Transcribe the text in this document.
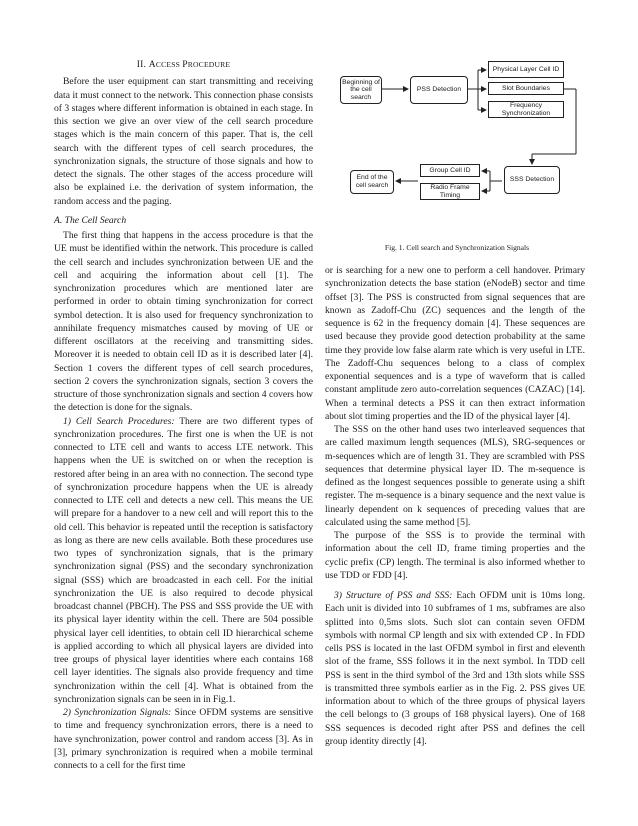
II. ACCESS PROCEDURE

Before the user equipment can start transmitting and receiving data it must connect to the network. This connection phase consists of 3 stages where different information is obtained in each stage. In this section we give an over view of the cell search procedure stages which is the main concern of this paper. That is, the cell search with the different types of cell search procedures, the synchronization signals, the structure of those signals and how to detect the signals. The other stages of the access procedure will also be explained i.e. the derivation of system information, the random access and the paging.

A. The Cell Search

The first thing that happens in the access procedure is that the UE must be identified within the network. This procedure is called the cell search and includes synchronization between UE and the cell and acquiring the information about cell [1]. The synchronization procedures which are mentioned later are performed in order to obtain timing synchronization for correct symbol detection. It is also used for frequency synchronization to annihilate frequency mismatches caused by moving of UE or different oscillators at the receiving and transmitting sides. Moreover it is needed to obtain cell ID as it is described later [4]. Section 1 covers the different types of cell search procedures, section 2 covers the synchronization signals, section 3 covers the structure of those synchronization signals and section 4 covers how the detection is done for the signals.

1) Cell Search Procedures: There are two different types of synchronization procedures. The first one is when the UE is not connected to LTE cell and wants to access LTE network. This happens when the UE is switched on or when the reception is restored after being in an area with no connection. The second type of synchronization procedure happens when the UE is already connected to LTE cell and detects a new cell. This means the UE will prepare for a handover to a new cell and will report this to the old cell. This behavior is repeated until the reception is satisfactory as long as there are new cells available. Both these procedures use two types of synchronization signals, that is the primary synchronization signal (PSS) and the secondary synchronization signal (SSS) which are broadcasted in each cell. For the initial synchronization the UE is also required to decode physical broadcast channel (PBCH). The PSS and SSS provide the UE with its physical layer identity within the cell. There are 504 possible physical layer cell identities, to obtain cell ID hierarchical scheme is applied according to which all physical layers are divided into tree groups of physical layer identities where each contains 168 cell layer identities. The signals also provide frequency and time synchronization within the cell [4]. What is obtained from the synchronization signals can be seen in in Fig.1.

2) Synchronization Signals: Since OFDM systems are sensitive to time and frequency synchronization errors, there is a need to have synchronization, power control and random access [3]. As in [3], primary synchronization is required when a mobile terminal connects to a cell for the first time

Beginning of the cell search
PSS Detection
Physical Layer Cell ID
Slot Boundaries
Frequency Synchronization
End of the cell search
Group Cell ID
Radio Frame Timing
SSS Detection
Fig. 1. Cell search and Synchronization Signals

or is searching for a new one to perform a cell handover. Primary synchronization detects the base station (eNodeB) sector and time offset [3]. The PSS is constructed from signal sequences that are known as Zadoff-Chu (ZC) sequences and the length of the sequence is 62 in the frequency domain [4]. These sequences are used because they provide good detection probability at the same time they provide low false alarm rate which is very useful in LTE. The Zadoff-Chu sequences belong to a class of complex exponential sequences and is a type of waveform that is called constant amplitude zero auto-correlation sequences (CAZAC) [14]. When a terminal detects a PSS it can then extract information about slot timing properties and the ID of the physical layer [4].

The SSS on the other hand uses two interleaved sequences that are called maximum length sequences (MLS), SRG-sequences or m-sequences which are of length 31. They are scrambled with PSS sequences that determine physical layer ID. The m-sequence is defined as the longest sequences possible to generate using a shift register. The m-sequence is a binary sequence and the next value is linearly dependent on k sequences of preceding values that are calculated using the same method [5].

The purpose of the SSS is to provide the terminal with information about the cell ID, frame timing properties and the cyclic prefix (CP) length. The terminal is also informed whether to use TDD or FDD [4].

3) Structure of PSS and SSS: Each OFDM unit is 10ms long. Each unit is divided into 10 subframes of 1 ms, subframes are also splitted into 0,5ms slots. Such slot can contain seven OFDM symbols with normal CP length and six with extended CP . In FDD cells PSS is located in the last OFDM symbol in first and eleventh slot of the frame, SSS follows it in the next symbol. In TDD cell PSS is sent in the third symbol of the 3rd and 13th slots while SSS is transmitted three symbols earlier as in the Fig. 2. PSS gives UE information about to which of the three groups of physical layers the cell belongs to (3 groups of 168 physical layers). One of 168 SSS sequences is decoded right after PSS and defines the cell group identity directly [4].
